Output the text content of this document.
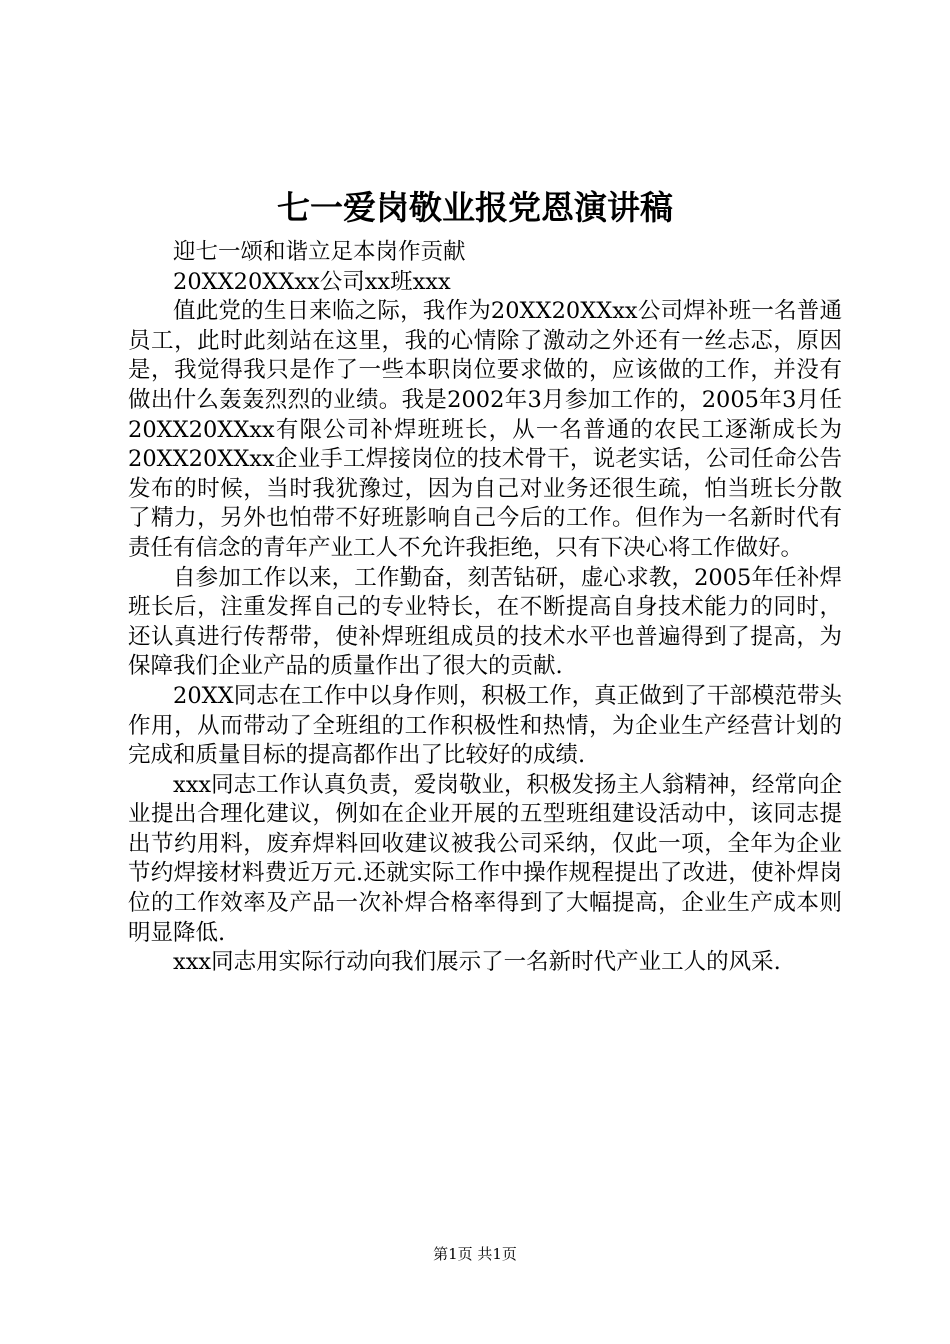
七一爱岗敬业报党恩演讲稿

迎七一颂和谐立足本岗作贡献

20XX20XXxx公司xx班xxx

值此党的生日来临之际，我作为20XX20XXxx公司焊补班一名普通员工，此时此刻站在这里，我的心情除了激动之外还有一丝忐忑，原因是，我觉得我只是作了一些本职岗位要求做的，应该做的工作，并没有做出什么轰轰烈烈的业绩。我是2002年3月参加工作的，2005年3月任20XX20XXxx有限公司补焊班班长，从一名普通的农民工逐渐成长为20XX20XXxx企业手工焊接岗位的技术骨干，说老实话，公司任命公告发布的时候，当时我犹豫过，因为自己对业务还很生疏，怕当班长分散了精力，另外也怕带不好班影响自己今后的工作。但作为一名新时代有责任有信念的青年产业工人不允许我拒绝，只有下决心将工作做好。

自参加工作以来，工作勤奋，刻苦钻研，虚心求教，2005年任补焊班长后，注重发挥自己的专业特长，在不断提高自身技术能力的同时，还认真进行传帮带，使补焊班组成员的技术水平也普遍得到了提高，为保障我们企业产品的质量作出了很大的贡献.

20XX同志在工作中以身作则，积极工作，真正做到了干部模范带头作用，从而带动了全班组的工作积极性和热情，为企业生产经营计划的完成和质量目标的提高都作出了比较好的成绩.

xxx同志工作认真负责，爱岗敬业，积极发扬主人翁精神，经常向企业提出合理化建议，例如在企业开展的五型班组建设活动中，该同志提出节约用料，废弃焊料回收建议被我公司采纳，仅此一项，全年为企业节约焊接材料费近万元.还就实际工作中操作规程提出了改进，使补焊岗位的工作效率及产品一次补焊合格率得到了大幅提高，企业生产成本则明显降低.

xxx同志用实际行动向我们展示了一名新时代产业工人的风采.

第1页 共1页
